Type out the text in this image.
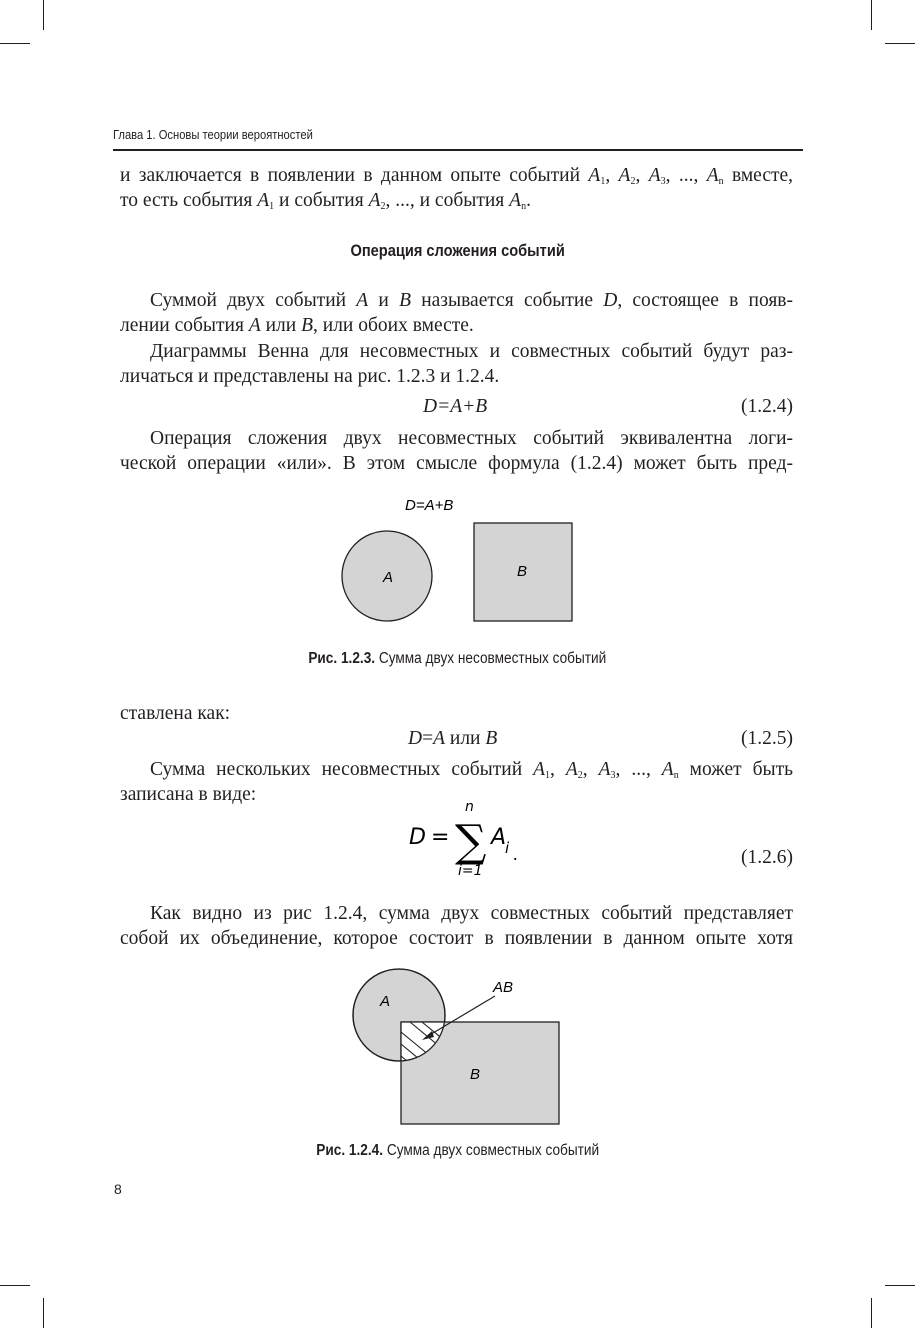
Глава 1. Основы теории вероятностей
и заключается в появлении в данном опыте событий $A_1$, $A_2$, $A_3$, ..., $A_n$ вместе,
то есть события $A_1$ и события $A_2$, ..., и события $A_n$.
Операция сложения событий
Суммой двух событий A и B называется событие D, состоящее в появ-
лении события A или B, или обоих вместе.
Диаграммы Венна для несовместных и совместных событий будут раз-
личаться и представлены на рис. 1.2.3 и 1.2.4.
D=A+B	(1.2.4)
Операция сложения двух несовместных событий эквивалентна логи-
ческой операции «или». В этом смысле формула (1.2.4) может быть пред-
D=A+B
A	B
Рис. 1.2.3. Сумма двух несовместных событий
ставлена как:
D=A или B	(1.2.5)
Сумма нескольких несовместных событий $A_1$, $A_2$, $A_3$, ..., $A_n$ может быть
записана в виде:
D =
n
∑
i=1
A
i .	(1.2.6)
Как видно из рис 1.2.4, сумма двух совместных событий представляет
собой их объединение, которое состоит в появлении в данном опыте хотя
A
B
AB
Рис. 1.2.4. Сумма двух совместных событий
8
